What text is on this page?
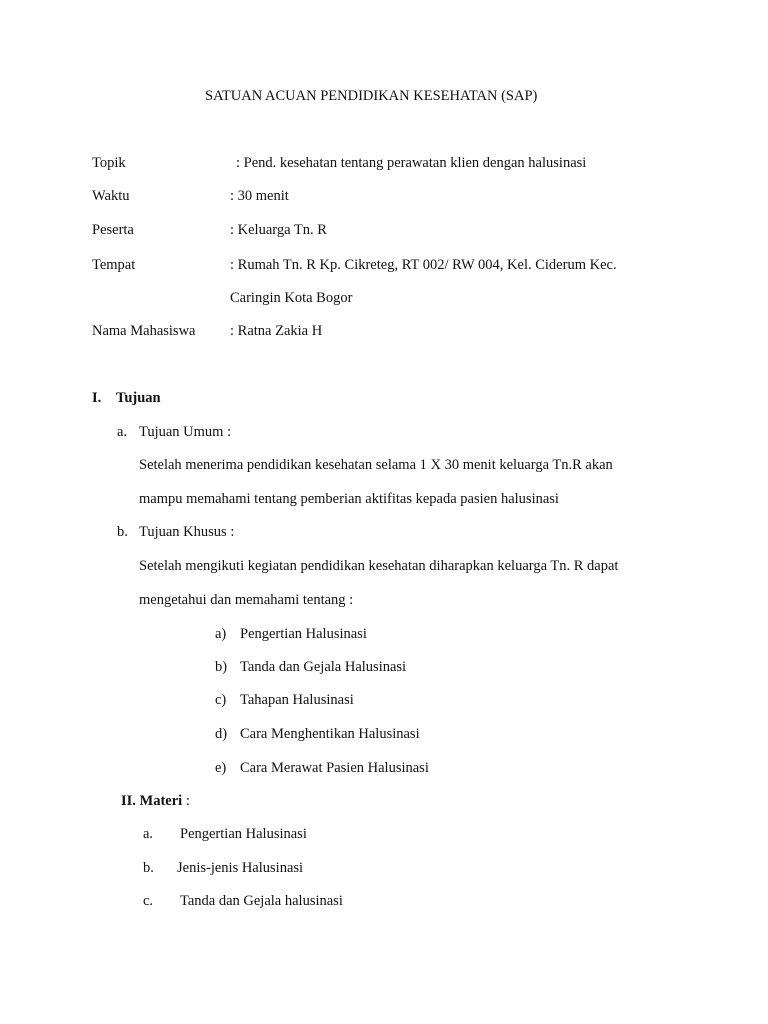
SATUAN ACUAN PENDIDIKAN KESEHATAN (SAP)
Topik	: Pend. kesehatan tentang perawatan klien dengan halusinasi
Waktu	: 30 menit
Peserta	: Keluarga Tn. R
Tempat	: Rumah Tn. R Kp. Cikreteg, RT 002/ RW 004, Kel. Ciderum Kec.
Caringin Kota Bogor
Nama Mahasiswa : Ratna Zakia H
I. Tujuan
a. Tujuan Umum :
Setelah menerima pendidikan kesehatan selama 1 X 30 menit keluarga Tn.R akan
mampu memahami tentang pemberian aktifitas kepada pasien halusinasi
b. Tujuan Khusus :
Setelah mengikuti kegiatan pendidikan kesehatan diharapkan keluarga Tn. R dapat
mengetahui dan memahami tentang :
a) Pengertian Halusinasi
b) Tanda dan Gejala Halusinasi
c) Tahapan Halusinasi
d) Cara Menghentikan Halusinasi
e) Cara Merawat Pasien Halusinasi
II. Materi :
a. Pengertian Halusinasi
b. Jenis-jenis Halusinasi
c. Tanda dan Gejala halusinasi
